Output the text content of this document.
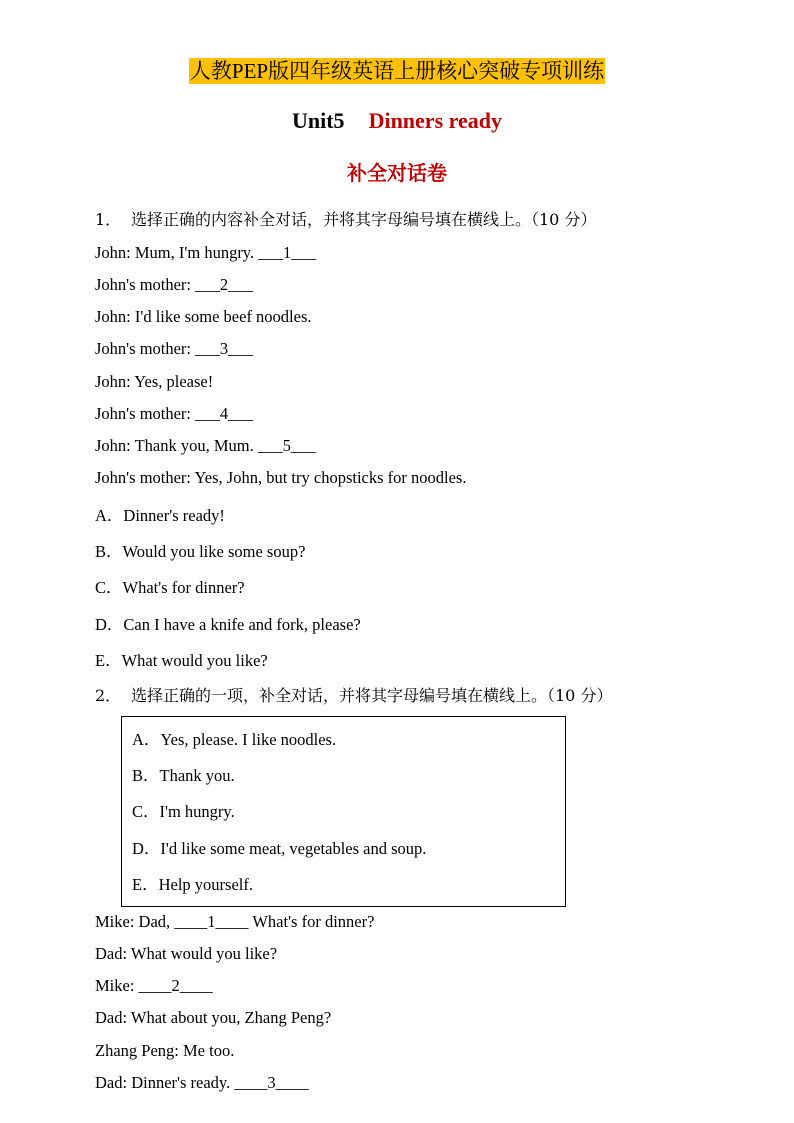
人教PEP版四年级英语上册核心突破专项训练
Unit5 Dinners ready
补全对话卷
1． 选择正确的内容补全对话，并将其字母编号填在横线上。（10 分）
John: Mum, I'm hungry. ___1___
John's mother: ___2___
John: I'd like some beef noodles.
John's mother: ___3___
John: Yes, please!
John's mother: ___4___
John: Thank you, Mum. ___5___
John's mother: Yes, John, but try chopsticks for noodles.
A．Dinner's ready!
B．Would you like some soup?
C．What's for dinner?
D．Can I have a knife and fork, please?
E．What would you like?
2． 选择正确的一项，补全对话，并将其字母编号填在横线上。（10 分）
A．Yes, please. I like noodles.
B．Thank you.
C．I'm hungry.
D．I'd like some meat, vegetables and soup.
E．Help yourself.
Mike: Dad, ____1____ What's for dinner?
Dad: What would you like?
Mike: ____2____
Dad: What about you, Zhang Peng?
Zhang Peng: Me too.
Dad: Dinner's ready. ____3____
